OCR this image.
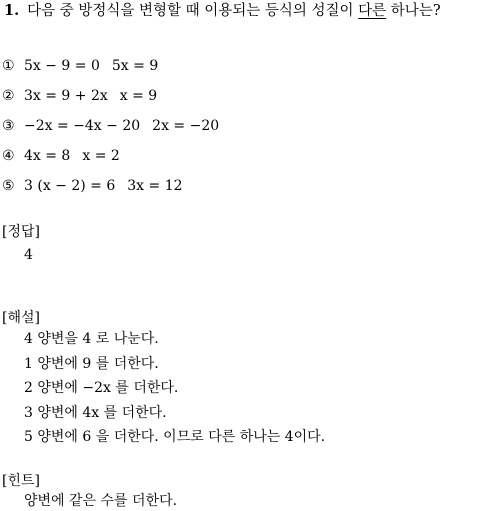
1. 다음 중 방정식을 변형할 때 이용되는 등식의 성질이 다른 하나는?
① 5x − 9 = 0 5x = 9
② 3x = 9 + 2x x = 9
③ −2x = −4x − 20 2x = −20
④ 4x = 8 x = 2
⑤ 3 (x − 2) = 6 3x = 12
[정답]
4
[해설]
4 양변을 4 로 나눈다.
1 양변에 9 를 더한다.
2 양변에 −2x 를 더한다.
3 양변에 4x 를 더한다.
5 양변에 6 을 더한다. 이므로 다른 하나는 4이다.
[힌트]
양변에 같은 수를 더한다.
